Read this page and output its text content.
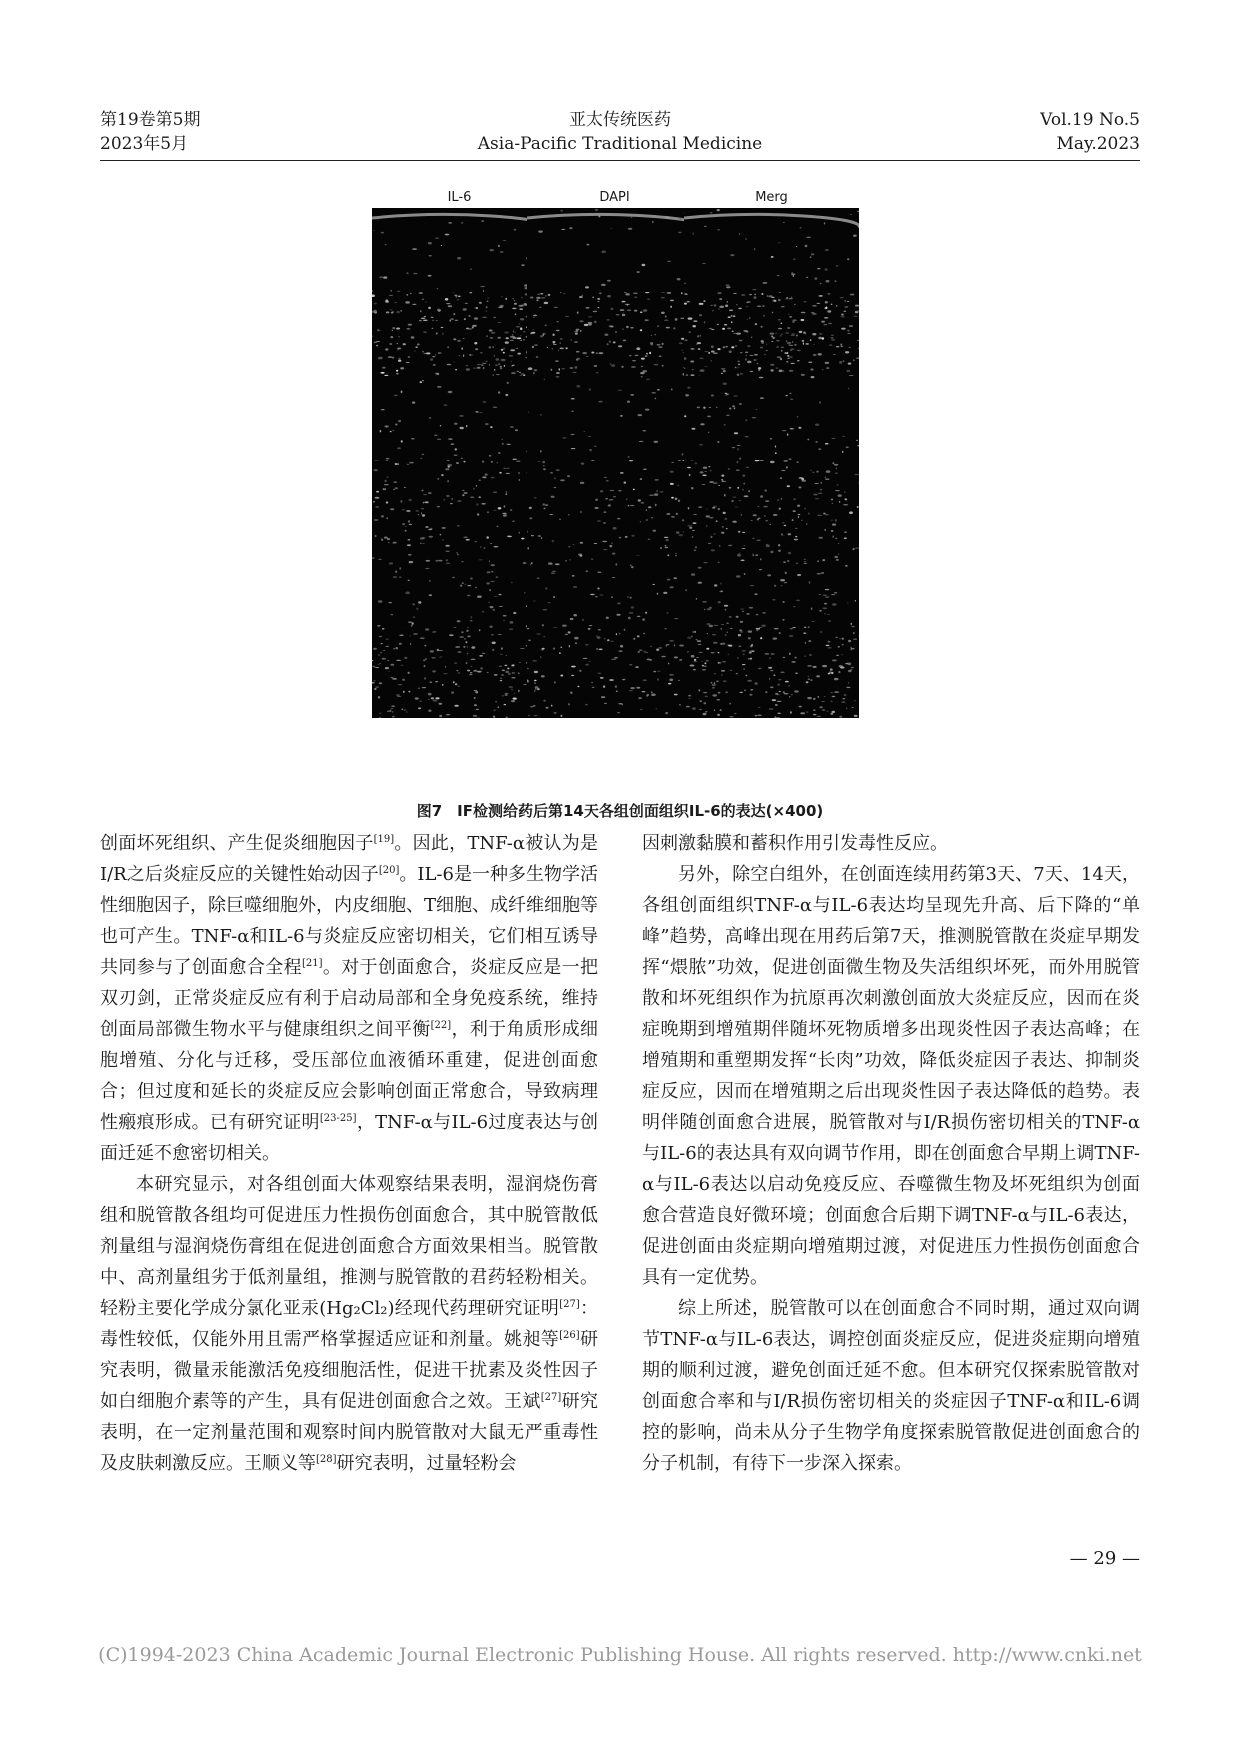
第19卷第5期
2023年5月
亚太传统医药
Asia-Pacific Traditional Medicine
Vol.19 No.5
May.2023
IL-6	DAPI	Merg
图7　IF检测给药后第14天各组创面组织IL-6的表达(×400)

创面坏死组织、产生促炎细胞因子[19]。因此，TNF-α被认为是I/R之后炎症反应的关键性始动因子[20]。IL-6是一种多生物学活性细胞因子，除巨噬细胞外，内皮细胞、T细胞、成纤维细胞等也可产生。TNF-α和IL-6与炎症反应密切相关，它们相互诱导共同参与了创面愈合全程[21]。对于创面愈合，炎症反应是一把双刃剑，正常炎症反应有利于启动局部和全身免疫系统，维持创面局部微生物水平与健康组织之间平衡[22]，利于角质形成细胞增殖、分化与迁移，受压部位血液循环重建，促进创面愈合；但过度和延长的炎症反应会影响创面正常愈合，导致病理性瘢痕形成。已有研究证明[23-25]，TNF-α与IL-6过度表达与创面迁延不愈密切相关。

本研究显示，对各组创面大体观察结果表明，湿润烧伤膏组和脱管散各组均可促进压力性损伤创面愈合，其中脱管散低剂量组与湿润烧伤膏组在促进创面愈合方面效果相当。脱管散中、高剂量组劣于低剂量组，推测与脱管散的君药轻粉相关。轻粉主要化学成分氯化亚汞(Hg₂Cl₂)经现代药理研究证明[27]：毒性较低，仅能外用且需严格掌握适应证和剂量。姚昶等[26]研究表明，微量汞能激活免疫细胞活性，促进干扰素及炎性因子如白细胞介素等的产生，具有促进创面愈合之效。王斌[27]研究表明，在一定剂量范围和观察时间内脱管散对大鼠无严重毒性及皮肤刺激反应。王顺义等[28]研究表明，过量轻粉会

因刺激黏膜和蓄积作用引发毒性反应。

另外，除空白组外，在创面连续用药第3天、7天、14天，各组创面组织TNF-α与IL-6表达均呈现先升高、后下降的“单峰”趋势，高峰出现在用药后第7天，推测脱管散在炎症早期发挥“煨脓”功效，促进创面微生物及失活组织坏死，而外用脱管散和坏死组织作为抗原再次刺激创面放大炎症反应，因而在炎症晚期到增殖期伴随坏死物质增多出现炎性因子表达高峰；在增殖期和重塑期发挥“长肉”功效，降低炎症因子表达、抑制炎症反应，因而在增殖期之后出现炎性因子表达降低的趋势。表明伴随创面愈合进展，脱管散对与I/R损伤密切相关的TNF-α与IL-6的表达具有双向调节作用，即在创面愈合早期上调TNF-α与IL-6表达以启动免疫反应、吞噬微生物及坏死组织为创面愈合营造良好微环境；创面愈合后期下调TNF-α与IL-6表达，促进创面由炎症期向增殖期过渡，对促进压力性损伤创面愈合具有一定优势。

综上所述，脱管散可以在创面愈合不同时期，通过双向调节TNF-α与IL-6表达，调控创面炎症反应，促进炎症期向增殖期的顺利过渡，避免创面迁延不愈。但本研究仅探索脱管散对创面愈合率和与I/R损伤密切相关的炎症因子TNF-α和IL-6调控的影响，尚未从分子生物学角度探索脱管散促进创面愈合的分子机制，有待下一步深入探索。

— 29 —
(C)1994-2023 China Academic Journal Electronic Publishing House. All rights reserved. http://www.cnki.net
